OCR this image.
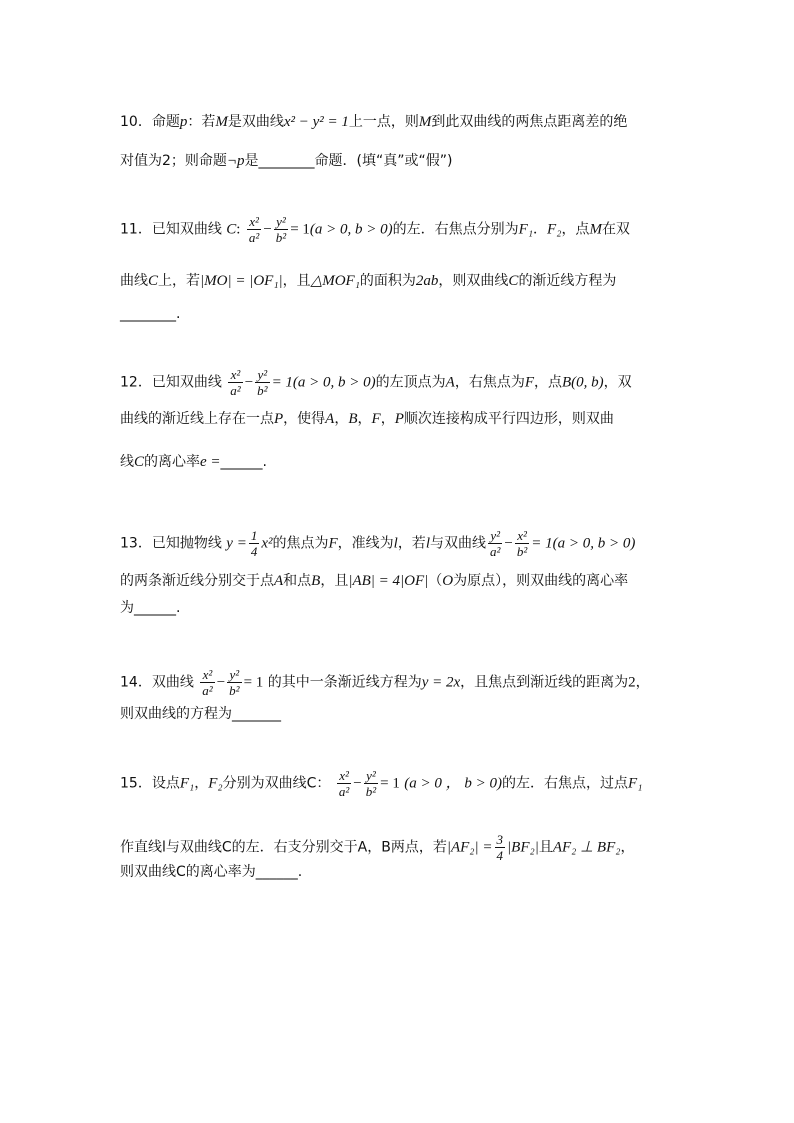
10．命题p：若M是双曲线x² − y² = 1上一点，则M到此双曲线的两焦点距离差的绝
对值为2；则命题¬p是________命题．(填“真”或“假”)
11．已知双曲线 C: $\frac{\text{x²}}{\text{a²}} - \frac{\text{y²}}{\text{b²}} = 1(a > 0$, b > 0)的左．右焦点分别为F₁．F₂，点M在双
曲线C上，若|MO| = |OF₁|，且△MOF₁的面积为2ab，则双曲线C的渐近线方程为
________.
12．已知双曲线 $\frac{\text{x²}}{\text{a²}} - \frac{\text{y²}}{\text{b²}} = 1(a > 0$, b > 0)的左顶点为A，右焦点为F，点B(0, b)，双
曲线的渐近线上存在一点P，使得A，B，F，P顺次连接构成平行四边形，则双曲
线C的离心率e =______.
13．已知抛物线 $y = \frac{1}{4} x^2$的焦点为F，准线为l，若l与双曲线 $\frac{\text{y²}}{\text{a²}} - \frac{\text{x²}}{\text{b²}} = 1(a > 0$, b > 0)
的两条渐近线分别交于点A和点B，且|AB| = 4|OF|（O为原点），则双曲线的离心率
为______.
14．双曲线 $\frac{\text{x²}}{\text{a²}} - \frac{\text{y²}}{\text{b²}} = 1$ 的其中一条渐近线方程为y = 2x，且焦点到渐近线的距离为2，
则双曲线的方程为_______
15．设点F₁，F₂分别为双曲线C： $\frac{\text{x²}}{\text{a²}} - \frac{\text{y²}}{\text{b²}} = 1$ (a > 0 ， b > 0)的左．右焦点，过点F₁
作直线l与双曲线C的左．右支分别交于A，B两点，若$|AF_2| = \frac{3}{4} |BF_2|$且AF₂ ⊥ BF₂，
则双曲线C的离心率为______.
